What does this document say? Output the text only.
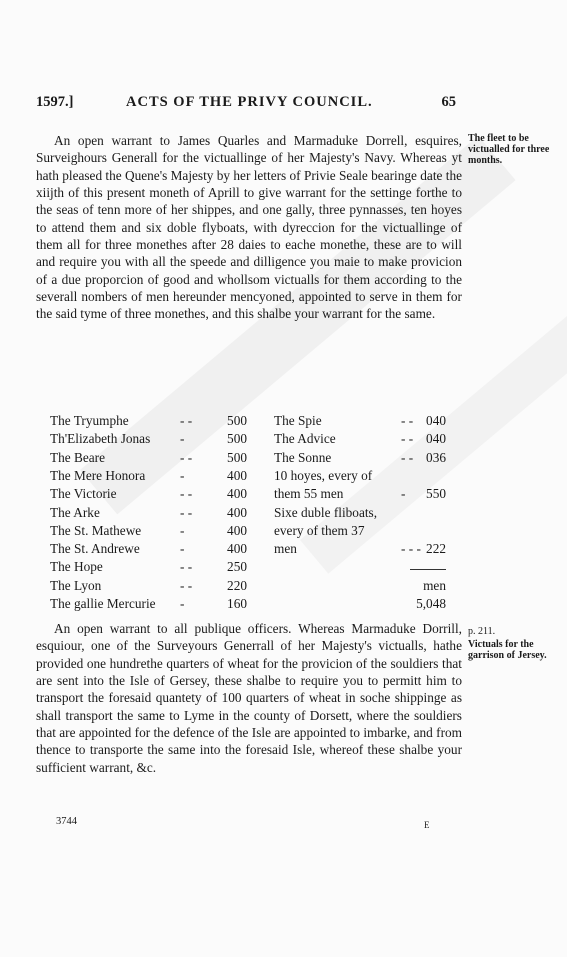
1597.]	ACTS OF THE PRIVY COUNCIL.	65

An open warrant to James Quarles and Marmaduke Dorrell, esquires, Surveighours Generall for the victuallinge of her Majesty's Navy. Whereas yt hath pleased the Quene's Majesty by her letters of Privie Seale bearinge date the xiijth of this present moneth of Aprill to give warrant for the settinge forthe to the seas of tenn more of her shippes, and one gally, three pynnasses, ten hoyes to attend them and six doble flyboats, with dyreccion for the victuallinge of them all for three monethes after 28 daies to eache monethe, these are to will and require you with all the speede and dilligence you maie to make provicion of a due proporcion of good and whollsom victualls for them according to the severall nombers of men hereunder mencyoned, appointed to serve in them for the said tyme of three monethes, and this shalbe your warrant for the same.

The fleet to be victualled for three months.
The Tryumphe	- -	500
Th'Elizabeth Jonas -	500
The Beare	- -	500
The Mere Honora	-	400
The Victorie	- -	400
The Arke	- -	400
The St. Mathewe	-	400
The St. Andrewe	-	400
The Hope	- -	250
The Lyon	- -	220
The gallie Mercurie -	160
The Spie	- - 040
The Advice	- - 040
The Sonne	- - 036
10 hoyes, every of
them 55 men	- 550
Sixe duble fliboats,
every of them 37
men	- - - 222
men
5,048

An open warrant to all publique officers. Whereas Marmaduke Dorrill, esquiour, one of the Surveyours Generrall of her Majesty's victualls, hathe provided one hundrethe quarters of wheat for the provicion of the souldiers that are sent into the Isle of Gersey, these shalbe to require you to permitt him to transport the foresaid quantety of 100 quarters of wheat in soche shippinge as shall transport the same to Lyme in the county of Dorsett, where the souldiers that are appointed for the defence of the Isle are appointed to imbarke, and from thence to transporte the same into the foresaid Isle, whereof these shalbe your sufficient warrant, &c.

p. 211.
Victuals for the garrison of Jersey.
3744	E
